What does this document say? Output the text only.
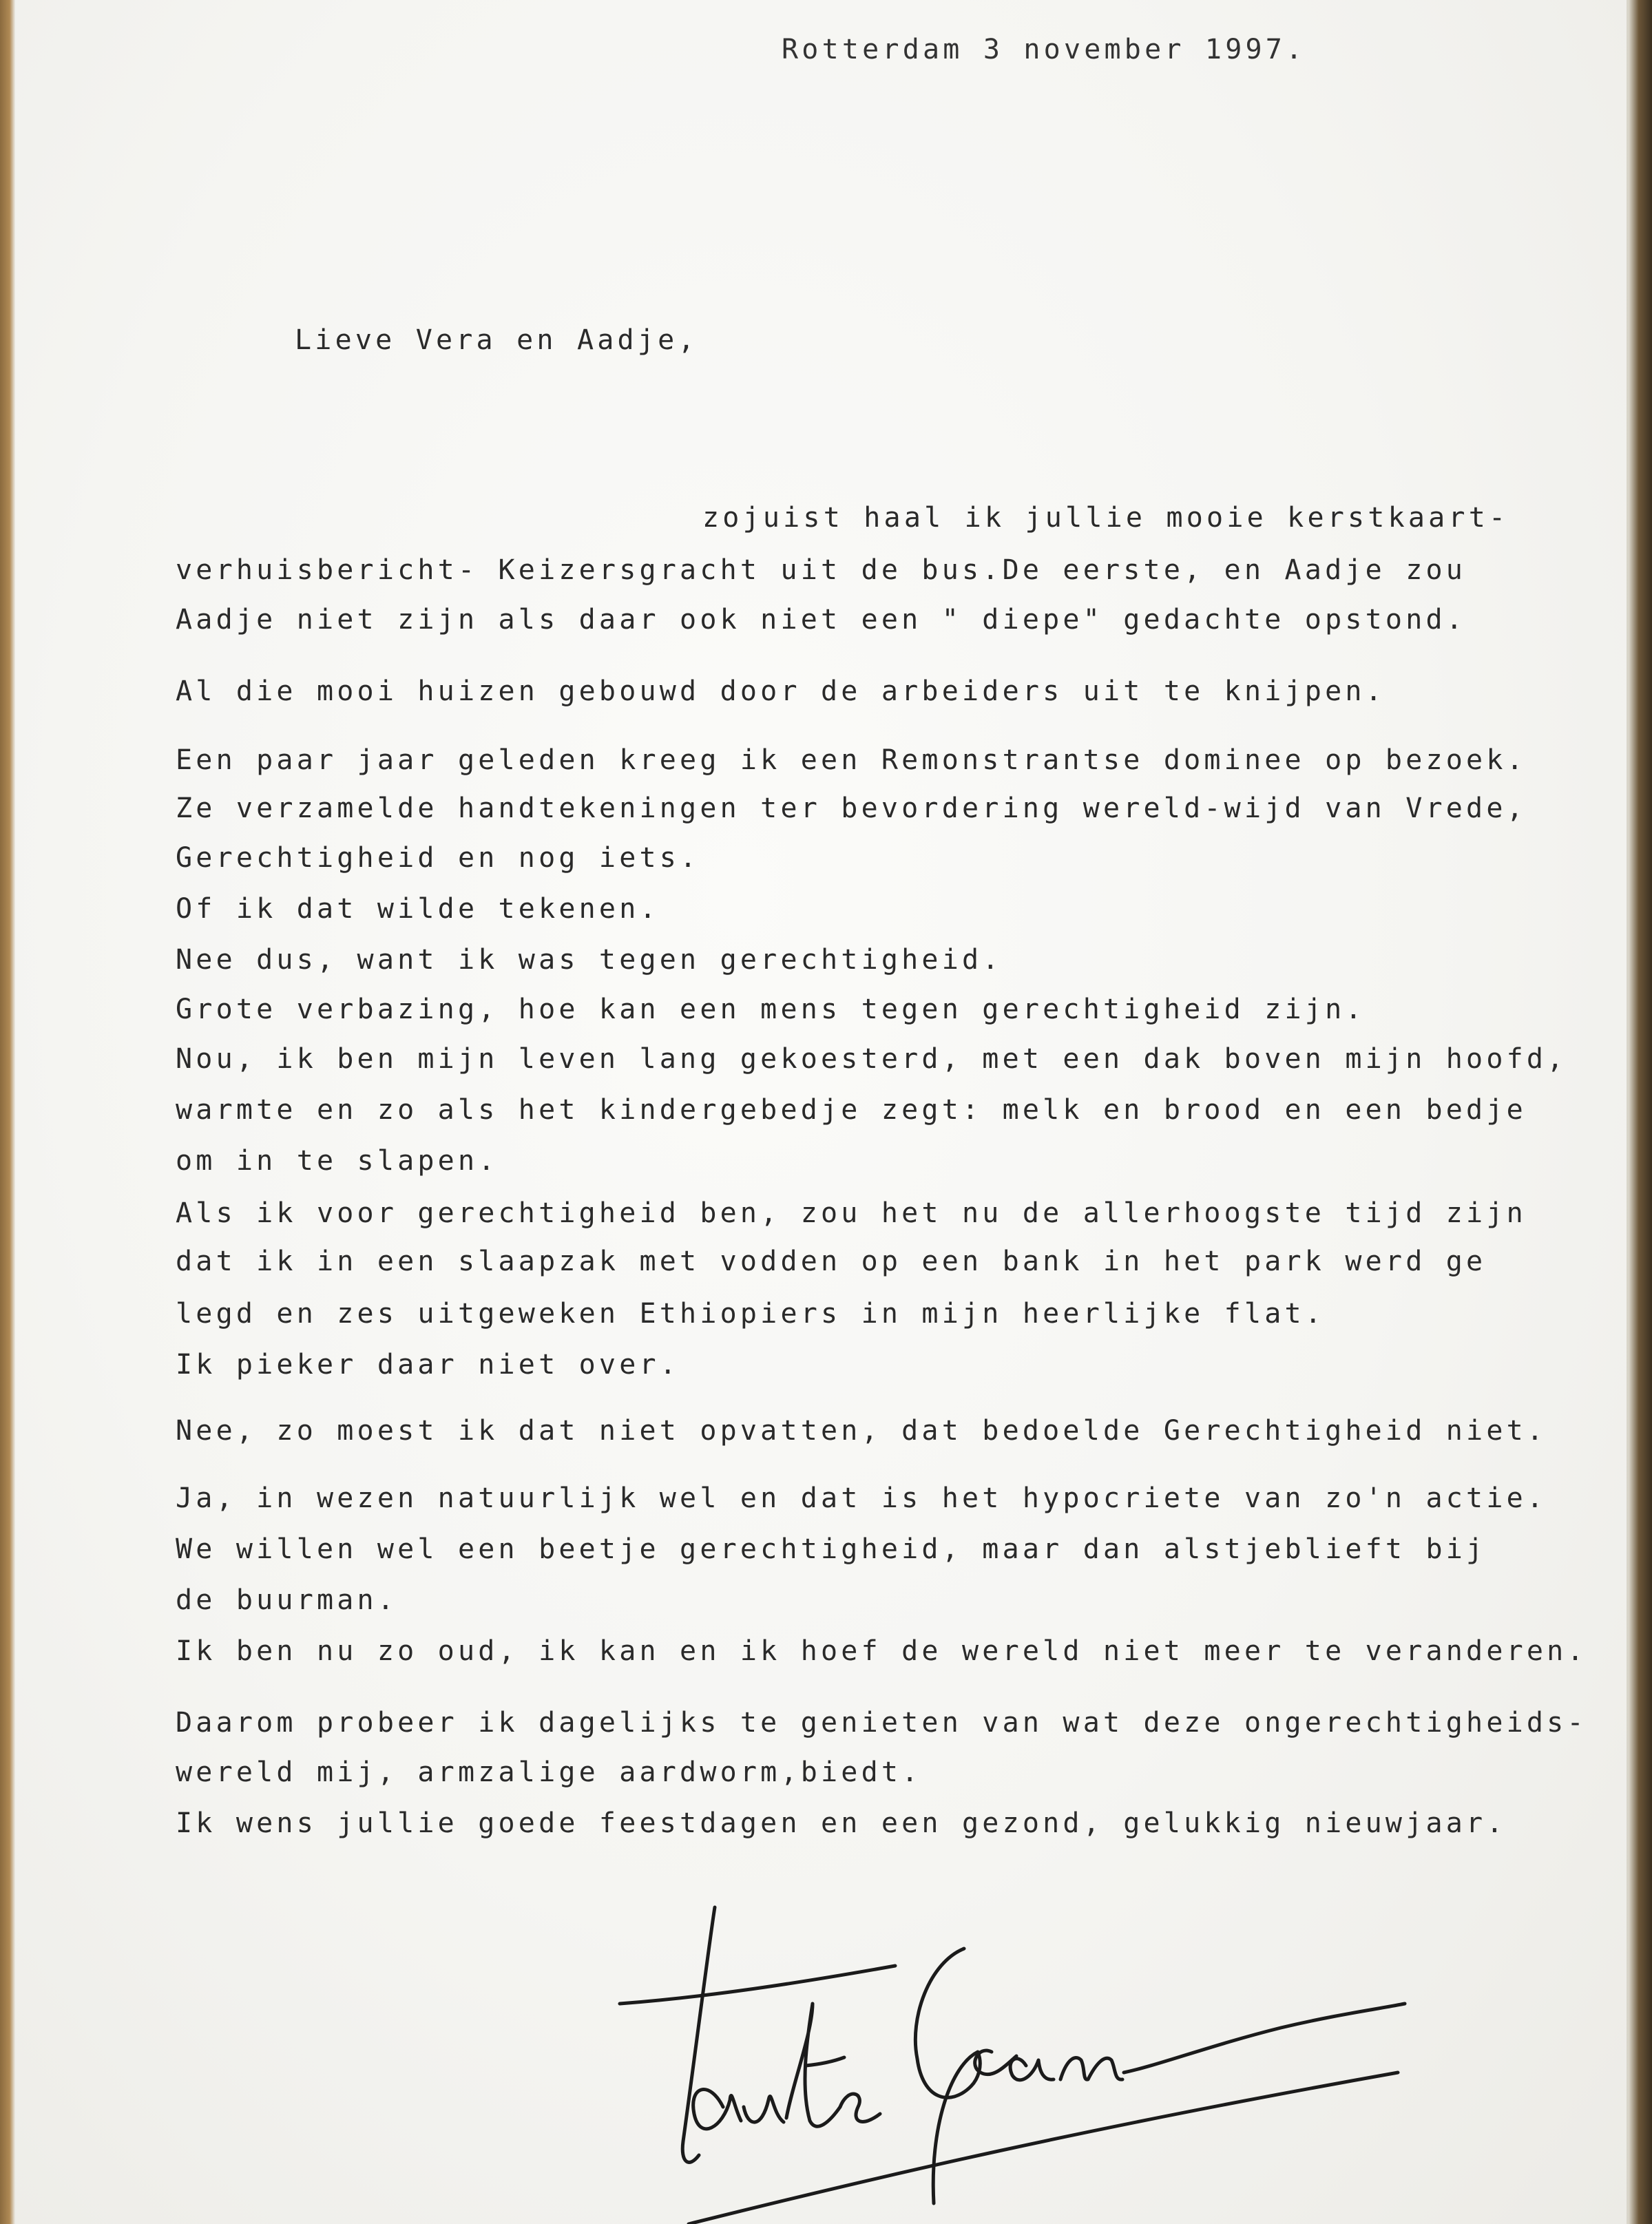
Rotterdam 3 november 1997.

Lieve Vera en Aadje,

zojuist haal ik jullie mooie kerstkaart-

verhuisbericht- Keizersgracht uit de bus.De eerste, en Aadje zou

Aadje niet zijn als daar ook niet een " diepe" gedachte opstond.

Al die mooi huizen gebouwd door de arbeiders uit te knijpen.

Een paar jaar geleden kreeg ik een Remonstrantse dominee op bezoek.

Ze verzamelde handtekeningen ter bevordering wereld-wijd van Vrede,

Gerechtigheid en nog iets.

Of ik dat wilde tekenen.

Nee dus, want ik was tegen gerechtigheid.

Grote verbazing, hoe kan een mens tegen gerechtigheid zijn.

Nou, ik ben mijn leven lang gekoesterd, met een dak boven mijn hoofd,

warmte en zo als het kindergebedje zegt: melk en brood en een bedje

om in te slapen.

Als ik voor gerechtigheid ben, zou het nu de allerhoogste tijd zijn

dat ik in een slaapzak met vodden op een bank in het park werd ge

legd en zes uitgeweken Ethiopiers in mijn heerlijke flat.

Ik pieker daar niet over.

Nee, zo moest ik dat niet opvatten, dat bedoelde Gerechtigheid niet.

Ja, in wezen natuurlijk wel en dat is het hypocriete van zo'n actie.

We willen wel een beetje gerechtigheid, maar dan alstjeblieft bij

de buurman.

Ik ben nu zo oud, ik kan en ik hoef de wereld niet meer te veranderen.

Daarom probeer ik dagelijks te genieten van wat deze ongerechtigheids-

wereld mij, armzalige aardworm,biedt.

Ik wens jullie goede feestdagen en een gezond, gelukkig nieuwjaar.
